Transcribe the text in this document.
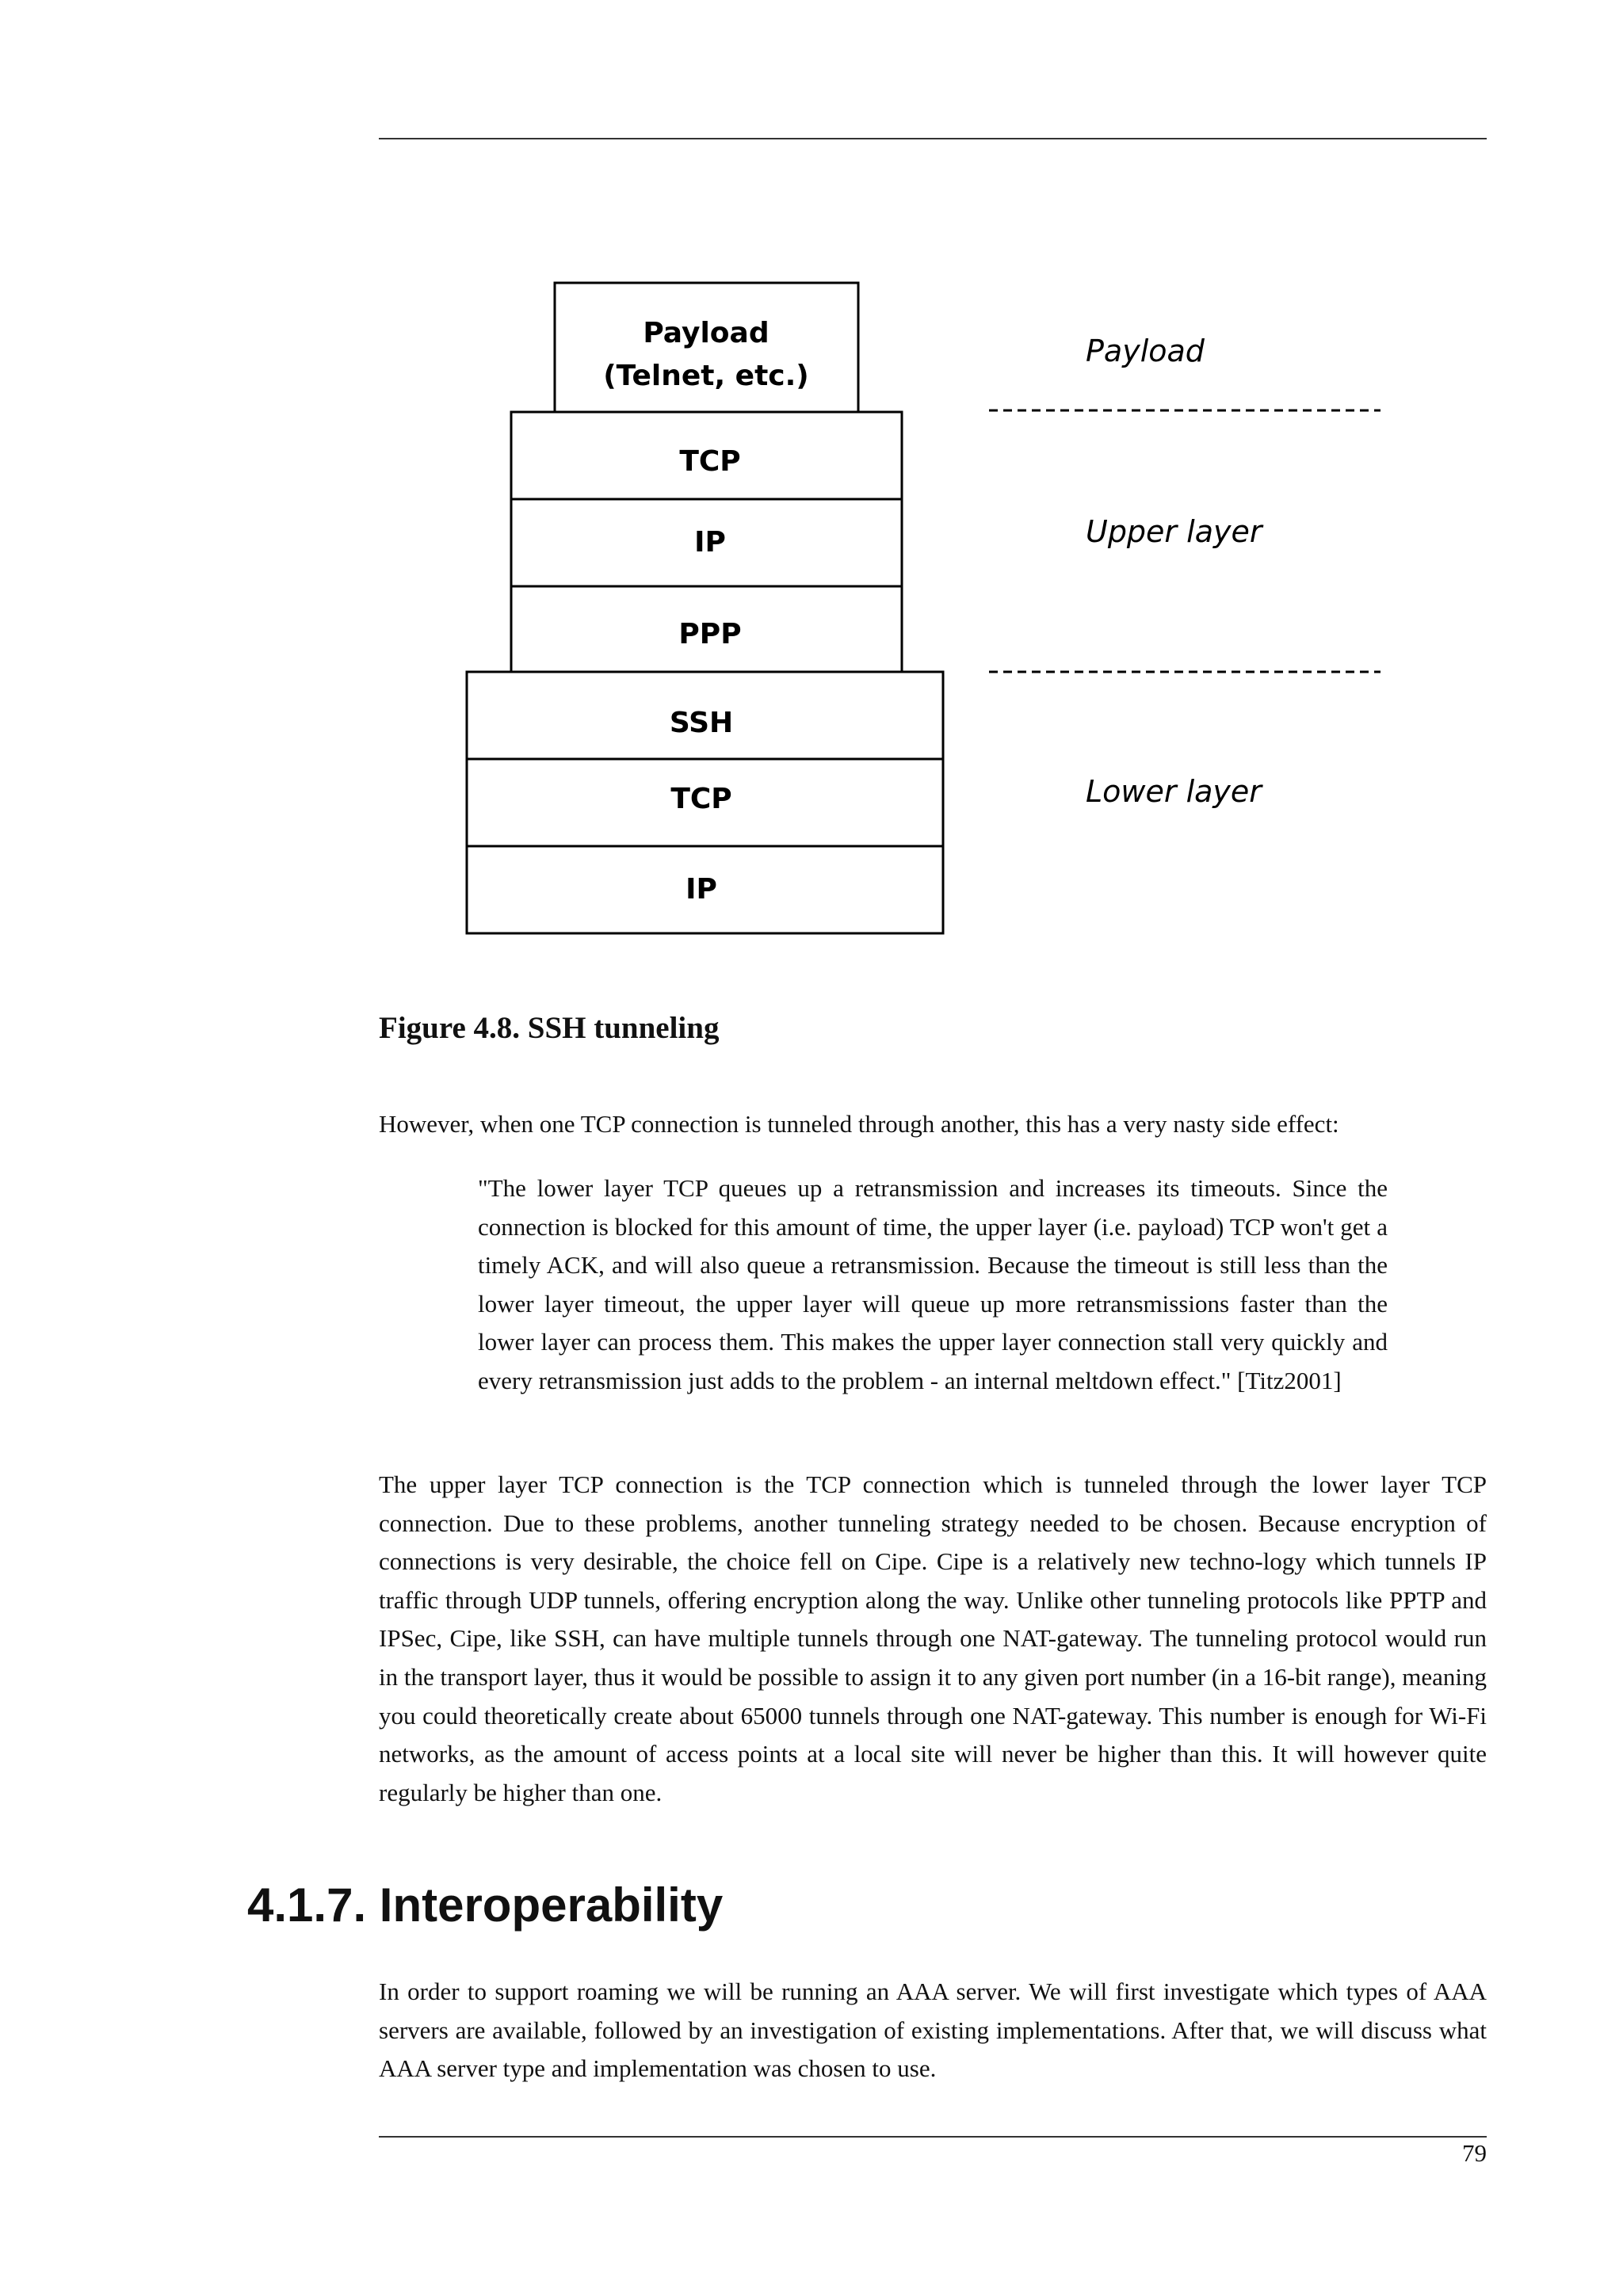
Payload
(Telnet, etc.)
TCP
IP
PPP
SSH
TCP
IP
Payload
Upper layer
Lower layer
Figure 4.8. SSH tunneling

However, when one TCP connection is tunneled through another, this has a very nasty side effect:

"The lower layer TCP queues up a retransmission and increases its timeouts. Since the connection is blocked for this amount of time, the upper layer (i.e. payload) TCP won't get a timely ACK, and will also queue a retransmission. Because the timeout is still less than the lower layer timeout, the upper layer will queue up more retransmissions faster than the lower layer can process them. This makes the upper layer connection stall very quickly and every retransmission just adds to the problem - an internal meltdown effect." [Titz2001]

The upper layer TCP connection is the TCP connection which is tunneled through the lower layer TCP connection. Due to these problems, another tunneling strategy needed to be chosen. Because encryption of connections is very desirable, the choice fell on Cipe. Cipe is a relatively new techno-logy which tunnels IP traffic through UDP tunnels, offering encryption along the way. Unlike other tunneling protocols like PPTP and IPSec, Cipe, like SSH, can have multiple tunnels through one NAT-gateway. The tunneling protocol would run in the transport layer, thus it would be possible to assign it to any given port number (in a 16-bit range), meaning you could theoretically create about 65000 tunnels through one NAT-gateway. This number is enough for Wi-Fi networks, as the amount of access points at a local site will never be higher than this. It will however quite regularly be higher than one.

4.1.7. Interoperability

In order to support roaming we will be running an AAA server. We will first investigate which types of AAA servers are available, followed by an investigation of existing implementations. After that, we will discuss what AAA server type and implementation was chosen to use.

79
